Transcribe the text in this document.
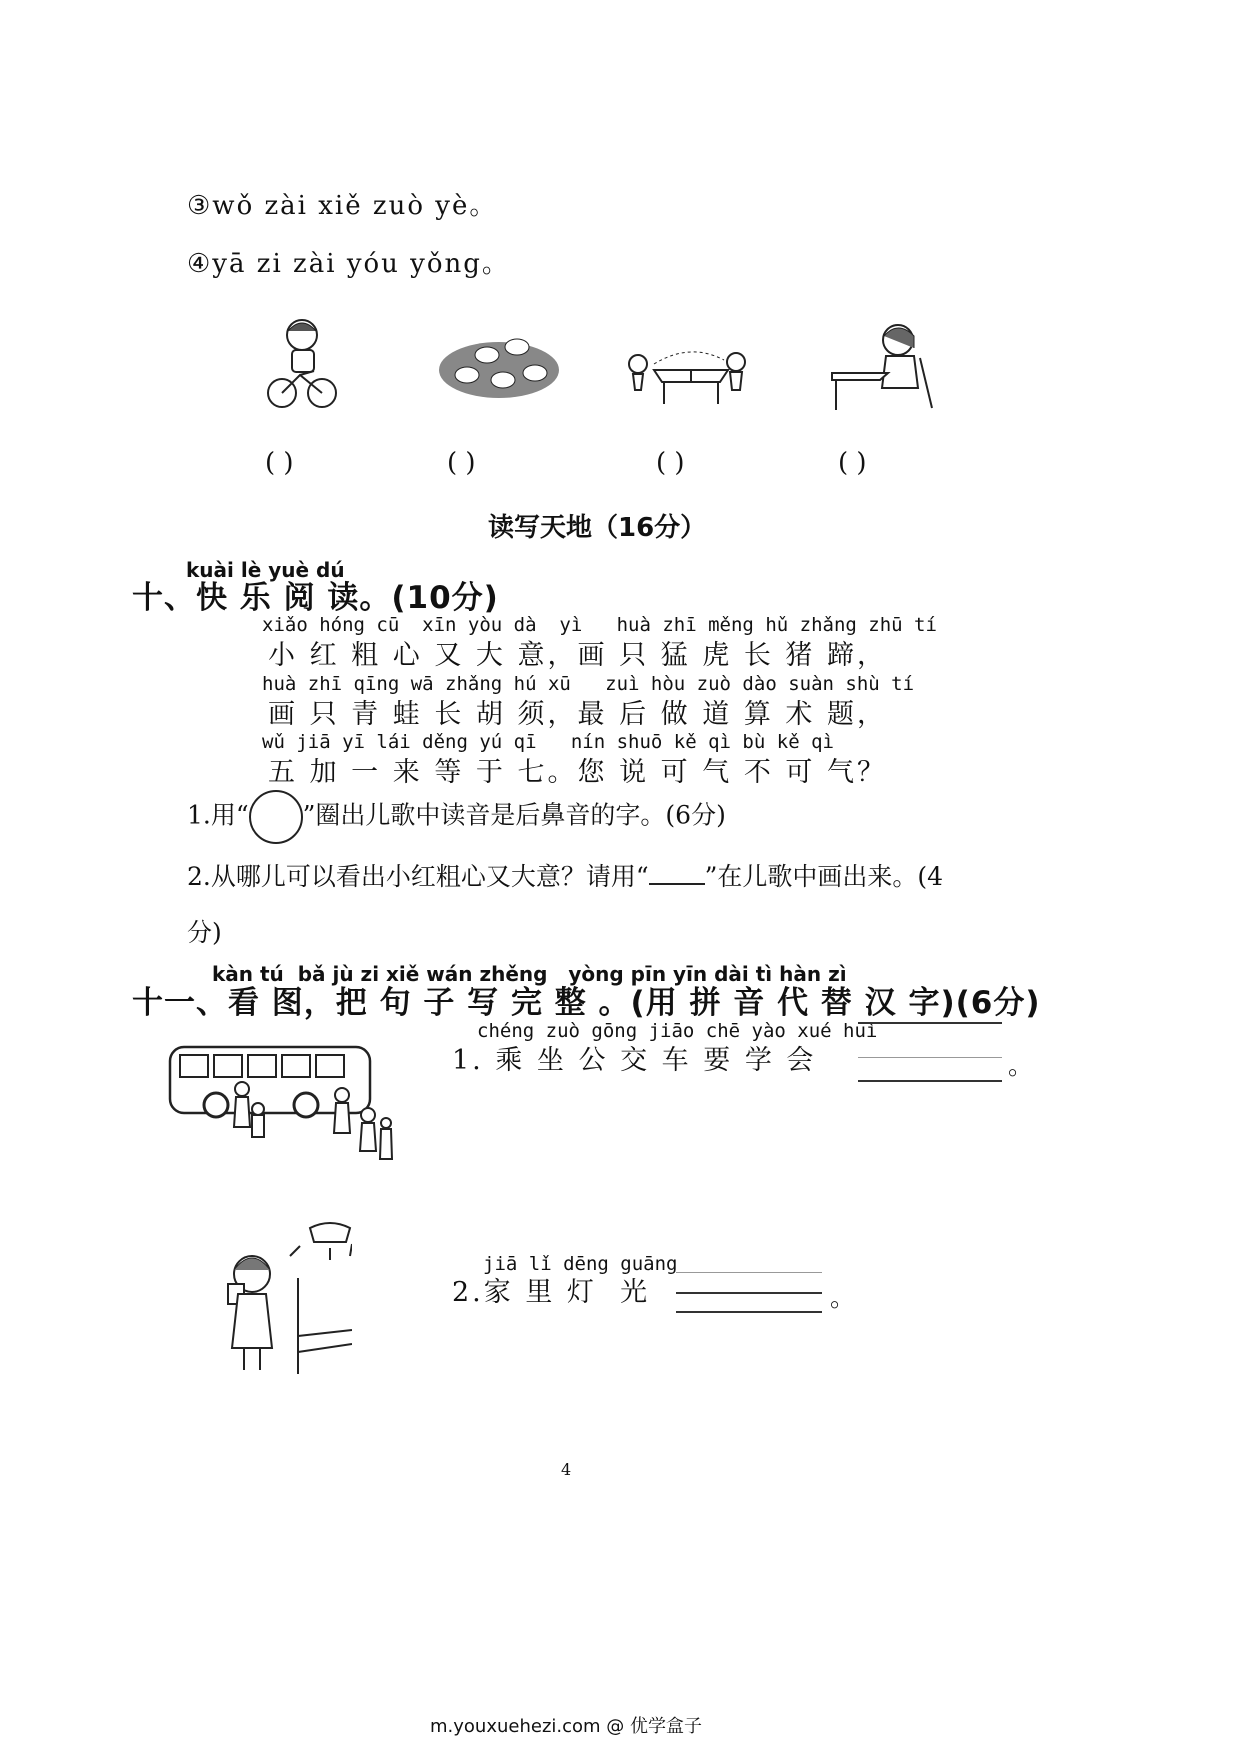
③wǒ zài xiě zuò yè。
④yā zi zài yóu yǒng。
( )	( )	( )	( )
读写天地（16分）
kuài lè yuè dú
十、快 乐 阅 读。(10分)
xiǎo hóng cū  xīn yòu dà  yì   huà zhī měng hǔ zhǎng zhū tí
小 红 粗 心 又 大 意，画 只 猛 虎 长 猪 蹄，
huà zhī qīng wā zhǎng hú xū   zuì hòu zuò dào suàn shù tí
画 只 青 蛙 长 胡 须，最 后 做 道 算 术 题，
wǔ jiā yī lái děng yú qī   nín shuō kě qì bù kě qì
五 加 一 来 等 于 七。您 说 可 气 不 可 气？
1.用“ ”圈出儿歌中读音是后鼻音的字。(6分)
2.从哪儿可以看出小红粗心又大意？请用“ ”在儿歌中画出来。(4
分)
kàn tú  bǎ jù zi xiě wán zhěng   yòng pīn yīn dài tì hàn zì
十一、看 图，把 句 子 写 完 整 。(用 拼 音 代 替 汉 字)(6分)
chéng zuò gōng jiāo chē yào xué huì
1. 乘 坐 公 交 车 要 学 会	。
jiā lǐ dēng guāng
2.家 里 灯  光	。
4
m.youxuehezi.com @ 优学盒子
